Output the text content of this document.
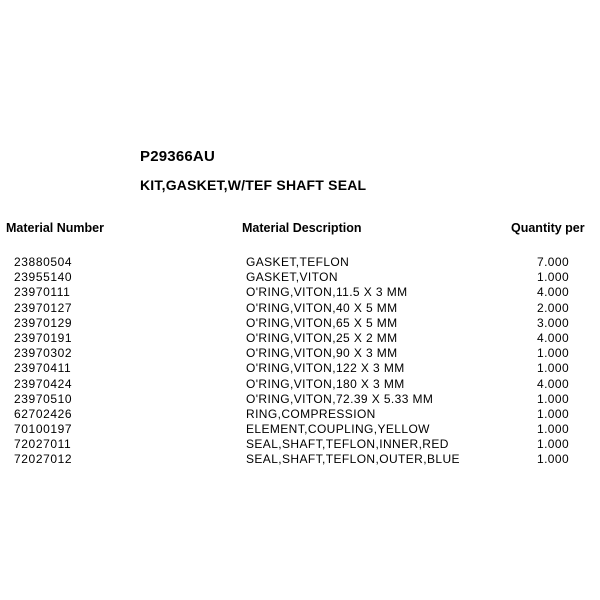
P29366AU
KIT,GASKET,W/TEF SHAFT SEAL
Material Number	Material Description	Quantity per
23880504	GASKET,TEFLON	7.000
23955140	GASKET,VITON	1.000
23970111	O'RING,VITON,11.5 X 3 MM	4.000
23970127	O'RING,VITON,40 X 5 MM	2.000
23970129	O'RING,VITON,65 X 5 MM	3.000
23970191	O'RING,VITON,25 X 2 MM	4.000
23970302	O'RING,VITON,90 X 3 MM	1.000
23970411	O'RING,VITON,122 X 3 MM	1.000
23970424	O'RING,VITON,180 X 3 MM	4.000
23970510	O'RING,VITON,72.39 X 5.33 MM	1.000
62702426	RING,COMPRESSION	1.000
70100197	ELEMENT,COUPLING,YELLOW	1.000
72027011	SEAL,SHAFT,TEFLON,INNER,RED	1.000
72027012	SEAL,SHAFT,TEFLON,OUTER,BLUE	1.000
